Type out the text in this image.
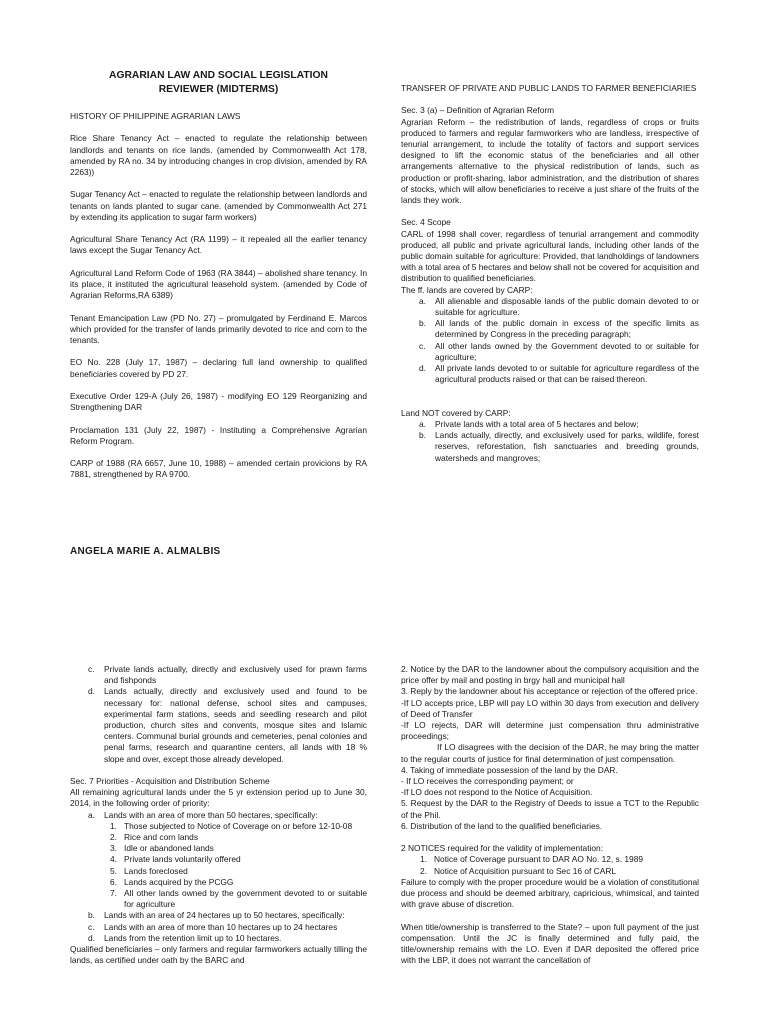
AGRARIAN LAW AND SOCIAL LEGISLATION
REVIEWER (MIDTERMS)

HISTORY OF PHILIPPINE AGRARIAN LAWS

Rice Share Tenancy Act – enacted to regulate the relationship between landlords and tenants on rice lands. (amended by Commonwealth Act 178, amended by RA no. 34 by introducing changes in crop division, amended by RA 2263))

Sugar Tenancy Act – enacted to regulate the relationship between landlords and tenants on lands planted to sugar cane. (amended by Commonwealth Act 271 by extending its application to sugar farm workers)

Agricultural Share Tenancy Act (RA 1199) – it repealed all the earlier tenancy laws except the Sugar Tenancy Act.

Agricultural Land Reform Code of 1963 (RA 3844) – abolished share tenancy. In its place, it instituted the agricultural leasehold system. (amended by Code of Agrarian Reforms,RA 6389)

Tenant Emancipation Law (PD No. 27) – promulgated by Ferdinand E. Marcos which provided for the transfer of lands primarily devoted to rice and corn to the tenants.

EO No. 228 (July 17, 1987) – declaring full land ownership to qualified beneficiaries covered by PD 27.

Executive Order 129-A (July 26, 1987) - modifying EO 129 Reorganizing and Strengthening DAR

Proclamation 131 (July 22, 1987) - Instituting a Comprehensive Agrarian Reform Program.

CARP of 1988 (RA 6657, June 10, 1988) – amended certain provicions by RA 7881, strengthened by RA 9700.

ANGELA MARIE A. ALMALBIS

TRANSFER OF PRIVATE AND PUBLIC LANDS TO FARMER BENEFICIARIES

Sec. 3 (a) – Definition of Agrarian Reform

Agrarian Reform – the redistribution of lands, regardless of crops or fruits produced to farmers and regular farmworkers who are landless, irrespective of tenurial arrangement, to include the totality of factors and support services designed to lift the economic status of the beneficiaries and all other arrangements alternative to the physical redistribution of lands, such as production or profit-sharing, labor administration, and the distribution of shares of stocks, which will allow beneficiaries to receive a just share of the fruits of the lands they work.

Sec. 4 Scope

CARL of 1998 shall cover, regardless of tenurial arrangement and commodity produced, all public and private agricultural lands, including other lands of the public domain suitable for agriculture: Provided, that landholdings of landowners with a total area of 5 hectares and below shall not be covered for acquisition and distribution to qualified beneficiaries.

The ff. lands are covered by CARP:

a.	All alienable and disposable lands of the public domain devoted to or suitable for agriculture.
b.	All lands of the public domain in excess of the specific limits as determined by Congress in the preceding paragraph;
c.	All other lands owned by the Government devoted to or suitable for agriculture;
d.	All private lands devoted to or suitable for agriculture regardless of the agricultural products raised or that can be raised thereon.

Land NOT covered by CARP:

a.	Private lands with a total area of 5 hectares and below;
b.	Lands actually, directly, and exclusively used for parks, wildlife, forest reserves, reforestation, fish sanctuaries and breeding grounds, watersheds and mangroves;
c.	Private lands actually, directly and exclusively used for prawn farms and fishponds
d.	Lands actually, directly and exclusively used and found to be necessary for: national defense, school sites and campuses, experimental farm stations, seeds and seedling research and pilot production, church sites and convents, mosque sites and Islamic centers. Communal burial grounds and cemeteries, penal colonies and penal farms, research and quarantine centers, all lands with 18 % slope and over, except those already developed.

Sec. 7 Priorities - Acquisition and Distribution Scheme

All remaining agricultural lands under the 5 yr extension period up to June 30, 2014, in the following order of priority:

a.	Lands with an area of more than 50 hectares, specifically:
1. Those subjected to Notice of Coverage on or before 12-10-08
2. Rice and corn lands
3. Idle or abandoned lands
4. Private lands voluntarily offered
5. Lands foreclosed
6. Lands acquired by the PCGG
7. All other lands owned by the government devoted to or suitable for agriculture
b.	Lands with an area of 24 hectares up to 50 hectares, specifically:
c.	Lands with an area of more than 10 hectares up to 24 hectares
d.	Lands from the retention limit up to 10 hectares.

Qualified beneficiaries – only farmers and regular farmworkers actually tilling the lands, as certified under oath by the BARC and

2. Notice by the DAR to the landowner about the compulsory acquisition and the price offer by mail and posting in brgy hall and municipal hall

3. Reply by the landowner about his acceptance or rejection of the offered price.

-If LO accepts price, LBP will pay LO within 30 days from execution and delivery of Deed of Transfer

-If LO rejects, DAR will determine just compensation thru administrative proceedings;

If LO disagrees with the decision of the DAR, he may bring the matter to the regular courts of justice for final determination of just compensation.

4. Taking of immediate possession of the land by the DAR.

- If LO receives the corresponding payment; or

-If LO does not respond to the Notice of Acquisition.

5. Request by the DAR to the Registry of Deeds to issue a TCT to the Republic of the Phil.

6. Distribution of the land to the qualified beneficiaries.

2 NOTICES required for the validity of implementation:

1. Notice of Coverage pursuant to DAR AO No. 12, s. 1989
2. Notice of Acquisition pursuant to Sec 16 of CARL

Failure to comply with the proper procedure would be a violation of constitutional due process and should be deemed arbitrary, capricious, whimsical, and tainted with grave abuse of discretion.

When title/ownership is transferred to the State? – upon full payment of the just compensation. Until the JC is finally determined and fully paid, the title/ownership remains with the LO. Even if DAR deposited the offered price with the LBP, it does not warrant the cancellation of
